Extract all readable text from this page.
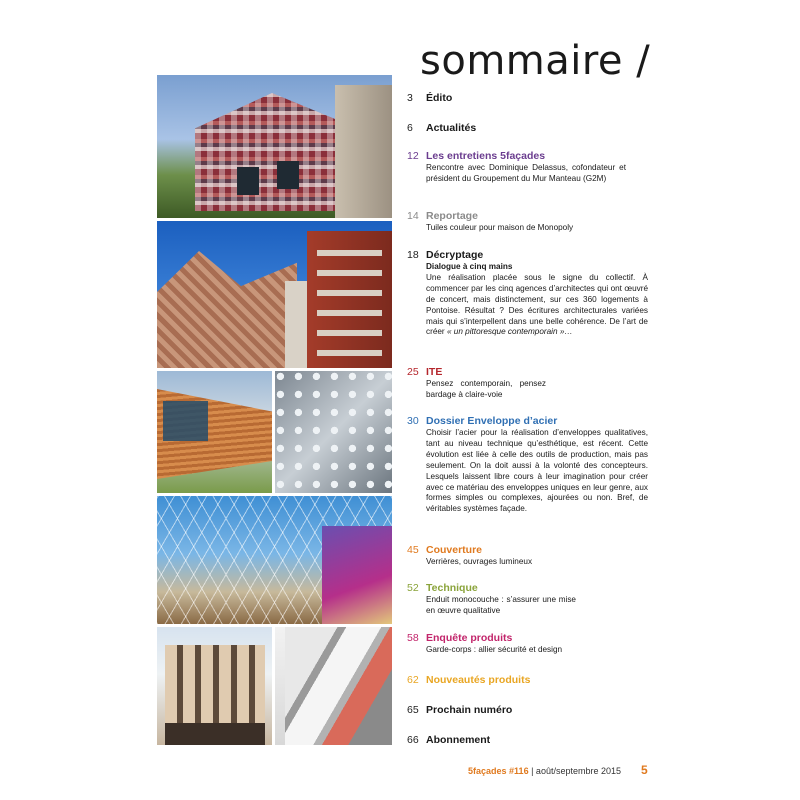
sommaire /
3	Édito
6	Actualités
12 Les entretiens 5façades
Rencontre avec Dominique Delassus, cofondateur et président du Groupement du Mur Manteau (G2M)
14 Reportage
Tuiles couleur pour maison de Monopoly
18 Décryptage
Dialogue à cinq mains
Une réalisation placée sous le signe du collectif. À commencer par les cinq agences d’architectes qui ont œuvré de concert, mais distinctement, sur ces 360 logements à Pontoise. Résultat ? Des écritures architecturales variées mais qui s’interpellent dans une belle cohérence. De l’art de créer « un pittoresque contemporain »…
25 ITE
Pensez contemporain, pensez bardage à claire-voie
30 Dossier Enveloppe d’acier
Choisir l’acier pour la réalisation d’enveloppes qualitatives, tant au niveau technique qu’esthétique, est récent. Cette évolution est liée à celle des outils de production, mais pas seulement. On la doit aussi à la volonté des concepteurs. Lesquels laissent libre cours à leur imagination pour créer avec ce matériau des enveloppes uniques en leur genre, aux formes simples ou complexes, ajourées ou non. Bref, de véritables systèmes façade.
45 Couverture
Verrières, ouvrages lumineux
52 Technique
Enduit monocouche : s’assurer une mise en œuvre qualitative
58 Enquête produits
Garde-corps : allier sécurité et design
62 Nouveautés produits
65 Prochain numéro
66 Abonnement
5façades #116 | août/septembre 2015 5
